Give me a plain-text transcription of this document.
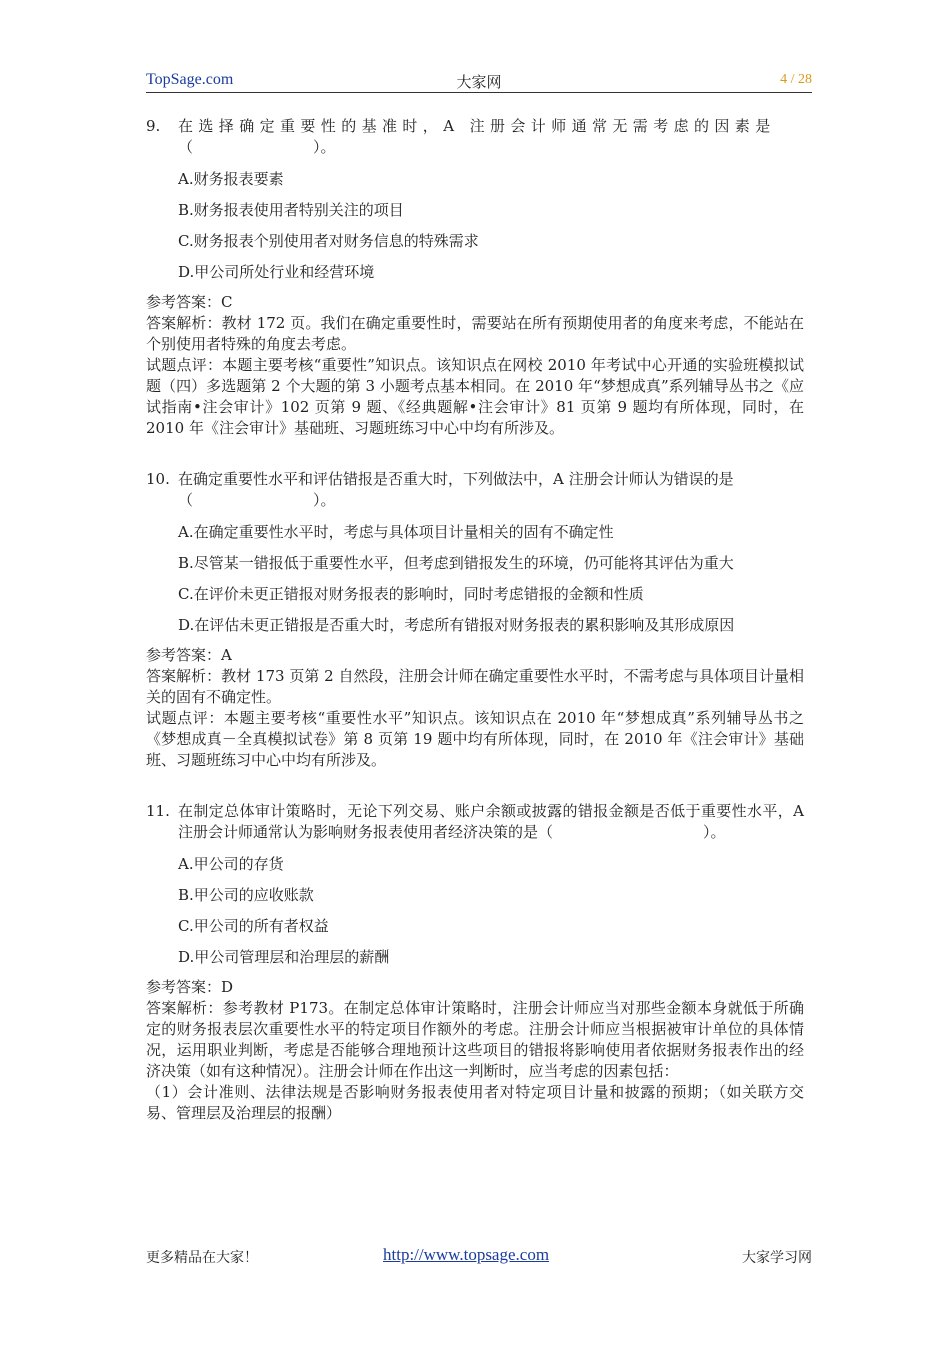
TopSage.com	大家网	4 / 28

9. 在选择确定重要性的基准时，A 注册会计师通常无需考虑的因素是
（　　　　　　　　）。

A.财务报表要素

B.财务报表使用者特别关注的项目

C.财务报表个别使用者对财务信息的特殊需求

D.甲公司所处行业和经营环境

参考答案：C

答案解析：教材 172 页。我们在确定重要性时，需要站在所有预期使用者的角度来考虑，不能站在个别使用者特殊的角度去考虑。

试题点评：本题主要考核“重要性”知识点。该知识点在网校 2010 年考试中心开通的实验班模拟试题（四）多选题第 2 个大题的第 3 小题考点基本相同。在 2010 年“梦想成真”系列辅导丛书之《应试指南•注会审计》102 页第 9 题、《经典题解•注会审计》81 页第 9 题均有所体现，同时，在 2010 年《注会审计》基础班、习题班练习中心中均有所涉及。

10. 在确定重要性水平和评估错报是否重大时，下列做法中，A 注册会计师认为错误的是
（　　　　　　　　）。

A.在确定重要性水平时，考虑与具体项目计量相关的固有不确定性

B.尽管某一错报低于重要性水平，但考虑到错报发生的环境，仍可能将其评估为重大

C.在评价未更正错报对财务报表的影响时，同时考虑错报的金额和性质

D.在评估未更正错报是否重大时，考虑所有错报对财务报表的累积影响及其形成原因

参考答案：A

答案解析：教材 173 页第 2 自然段，注册会计师在确定重要性水平时，不需考虑与具体项目计量相关的固有不确定性。

试题点评：本题主要考核“重要性水平”知识点。该知识点在 2010 年“梦想成真”系列辅导丛书之《梦想成真－全真模拟试卷》第 8 页第 19 题中均有所体现，同时，在 2010 年《注会审计》基础班、习题班练习中心中均有所涉及。

11. 在制定总体审计策略时，无论下列交易、账户余额或披露的错报金额是否低于重要性水平，A 注册会计师通常认为影响财务报表使用者经济决策的是（　　　　　　　　　　）。

A.甲公司的存货

B.甲公司的应收账款

C.甲公司的所有者权益

D.甲公司管理层和治理层的薪酬

参考答案：D

答案解析：参考教材 P173。在制定总体审计策略时，注册会计师应当对那些金额本身就低于所确定的财务报表层次重要性水平的特定项目作额外的考虑。注册会计师应当根据被审计单位的具体情况，运用职业判断，考虑是否能够合理地预计这些项目的错报将影响使用者依据财务报表作出的经济决策（如有这种情况）。注册会计师在作出这一判断时，应当考虑的因素包括：

（1）会计准则、法律法规是否影响财务报表使用者对特定项目计量和披露的预期；（如关联方交易、管理层及治理层的报酬）

更多精品在大家！	http://www.topsage.com	大家学习网
